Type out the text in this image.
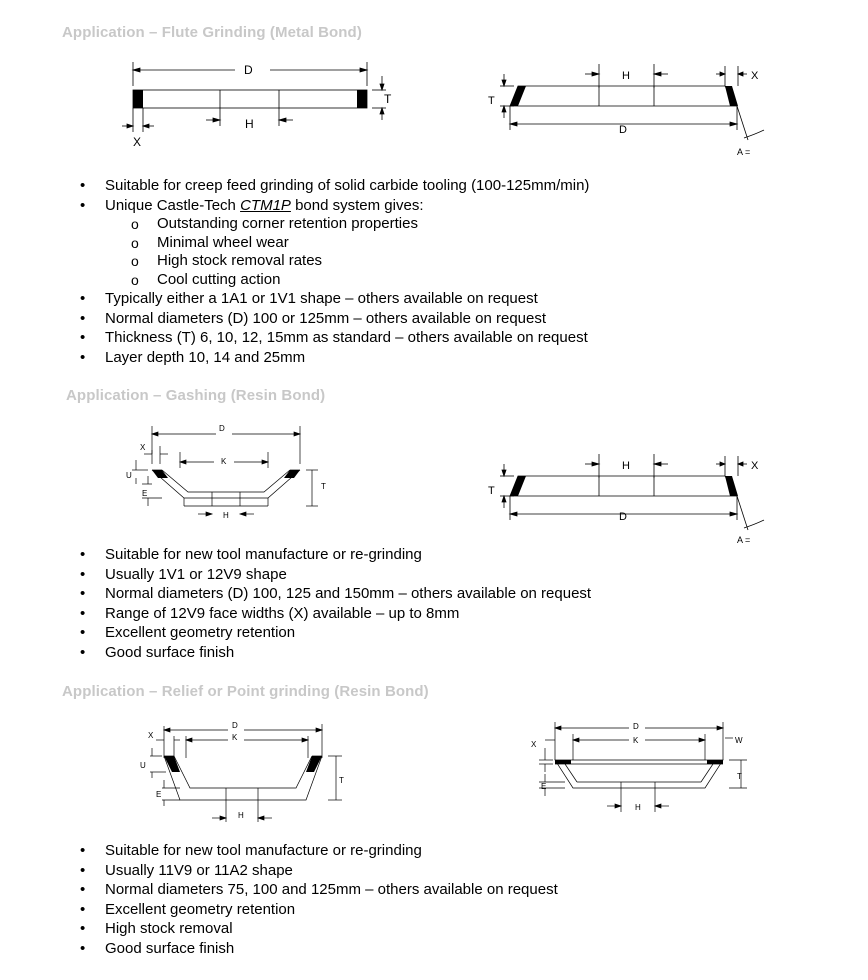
Application – Flute Grinding (Metal Bond)
D
H
X
T
H	X
T
D
A =
• Suitable for creep feed grinding of solid carbide tooling (100-125mm/min)
• Unique Castle-Tech CTM1P bond system gives:
o Outstanding corner retention properties
o Minimal wheel wear
o High stock removal rates
o Cool cutting action
• Typically either a 1A1 or 1V1 shape – others available on request
• Normal diameters (D) 100 or 125mm – others available on request
• Thickness (T) 6, 10, 12, 15mm as standard – others available on request
• Layer depth 10, 14 and 25mm
Application – Gashing (Resin Bond)
D
X
K
U
E
T
H
H	X
T
D
A =
• Suitable for new tool manufacture or re-grinding
• Usually 1V1 or 12V9 shape
• Normal diameters (D) 100, 125 and 150mm – others available on request
• Range of 12V9 face widths (X) available – up to 8mm
• Excellent geometry retention
• Good surface finish
Application – Relief or Point grinding (Resin Bond)
D
K
X
U
E
T
H
D
K
X	W
E
T
H
• Suitable for new tool manufacture or re-grinding
• Usually 11V9 or 11A2 shape
• Normal diameters 75, 100 and 125mm – others available on request
• Excellent geometry retention
• High stock removal
• Good surface finish
